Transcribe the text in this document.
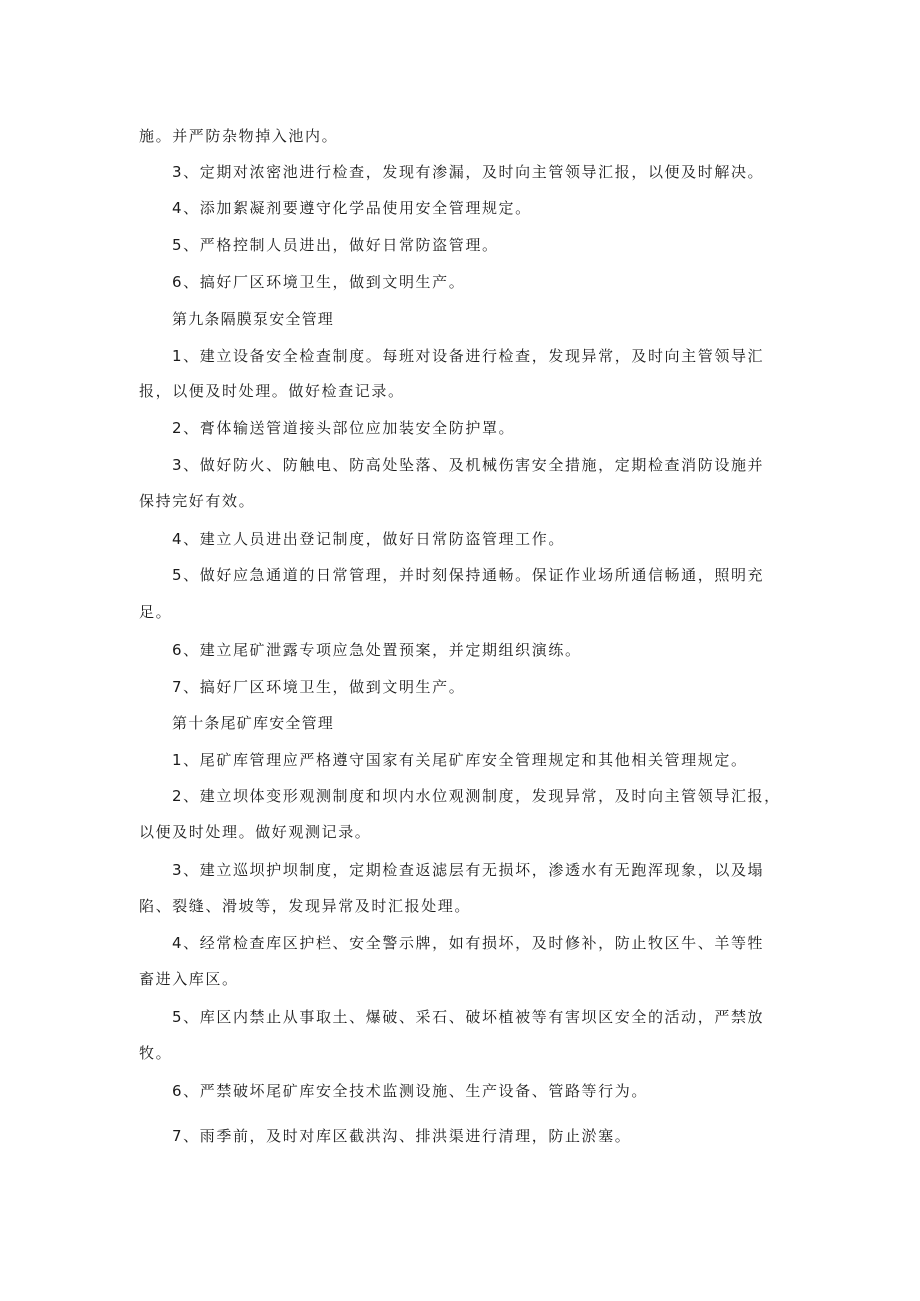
施。并严防杂物掉入池内。
3、定期对浓密池进行检查，发现有渗漏，及时向主管领导汇报，以便及时解决。
4、添加絮凝剂要遵守化学品使用安全管理规定。
5、严格控制人员进出，做好日常防盗管理。
6、搞好厂区环境卫生，做到文明生产。
第九条隔膜泵安全管理
1、建立设备安全检查制度。每班对设备进行检查，发现异常，及时向主管领导汇
报，以便及时处理。做好检查记录。
2、膏体输送管道接头部位应加装安全防护罩。
3、做好防火、防触电、防高处坠落、及机械伤害安全措施，定期检查消防设施并
保持完好有效。
4、建立人员进出登记制度，做好日常防盗管理工作。
5、做好应急通道的日常管理，并时刻保持通畅。保证作业场所通信畅通，照明充
足。
6、建立尾矿泄露专项应急处置预案，并定期组织演练。
7、搞好厂区环境卫生，做到文明生产。
第十条尾矿库安全管理
1、尾矿库管理应严格遵守国家有关尾矿库安全管理规定和其他相关管理规定。
2、建立坝体变形观测制度和坝内水位观测制度，发现异常，及时向主管领导汇报，
以便及时处理。做好观测记录。
3、建立巡坝护坝制度，定期检查返滤层有无损坏，渗透水有无跑浑现象，以及塌
陷、裂缝、滑坡等，发现异常及时汇报处理。
4、经常检查库区护栏、安全警示牌，如有损坏，及时修补，防止牧区牛、羊等牲
畜进入库区。
5、库区内禁止从事取土、爆破、采石、破坏植被等有害坝区安全的活动，严禁放
牧。
6、严禁破坏尾矿库安全技术监测设施、生产设备、管路等行为。
7、雨季前，及时对库区截洪沟、排洪渠进行清理，防止淤塞。
